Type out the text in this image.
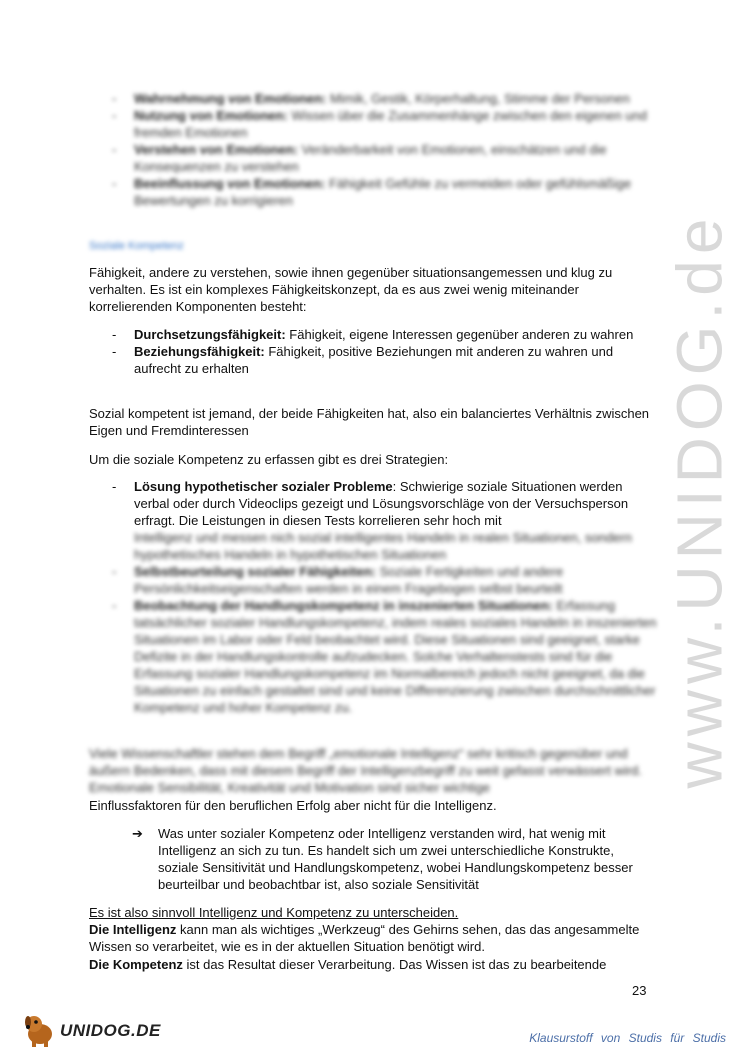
www.UNIDOG.de
- Wahrnehmung von Emotionen: Mimik, Gestik, Körperhaltung, Stimme der Personen
- Nutzung von Emotionen: Wissen über die Zusammenhänge zwischen den eigenen und fremden Emotionen
- Verstehen von Emotionen: Veränderbarkeit von Emotionen, einschätzen und die Konsequenzen zu verstehen
- Beeinflussung von Emotionen: Fähigkeit Gefühle zu vermeiden oder gefühlsmäßige Bewertungen zu korrigieren

Soziale Kompetenz

Fähigkeit, andere zu verstehen, sowie ihnen gegenüber situationsangemessen und klug zu verhalten. Es ist ein komplexes Fähigkeitskonzept, da es aus zwei wenig miteinander korrelierenden Komponenten besteht:

- Durchsetzungsfähigkeit: Fähigkeit, eigene Interessen gegenüber anderen zu wahren
- Beziehungsfähigkeit: Fähigkeit, positive Beziehungen mit anderen zu wahren und aufrecht zu erhalten

Sozial kompetent ist jemand, der beide Fähigkeiten hat, also ein balanciertes Verhältnis zwischen Eigen und Fremdinteressen

Um die soziale Kompetenz zu erfassen gibt es drei Strategien:

- Lösung hypothetischer sozialer Probleme: Schwierige soziale Situationen werden verbal oder durch Videoclips gezeigt und Lösungsvorschläge von der Versuchsperson erfragt. Die Leistungen in diesen Tests korrelieren sehr hoch mit
Intelligenz und messen nich sozial intelligentes Handeln in realen Situationen, sondern hypothetisches Handeln in hypothetischen Situationen
- Selbstbeurteilung sozialer Fähigkeiten: Soziale Fertigkeiten und andere Persönlichkeitseigenschaften werden in einem Fragebogen selbst beurteilt
- Beobachtung der Handlungskompetenz in inszenierten Situationen: Erfassung tatsächlicher sozialer Handlungskompetenz, indem reales soziales Handeln in inszenierten Situationen im Labor oder Feld beobachtet wird. Diese Situationen sind geeignet, starke Defizite in der Handlungskontrolle aufzudecken. Solche Verhaltenstests sind für die Erfassung sozialer Handlungskompetenz im Normalbereich jedoch nicht geeignet, da die Situationen zu einfach gestaltet sind und keine Differenzierung zwischen durchschnittlicher Kompetenz und hoher Kompetenz zu.

Viele Wissenschaftler stehen dem Begriff „emotionale Intelligenz“ sehr kritisch gegenüber und äußern Bedenken, dass mit diesem Begriff der Intelligenzbegriff zu weit gefasst verwässert wird. Emotionale Sensibilität, Kreativität und Motivation sind sicher wichtige

Einflussfaktoren für den beruflichen Erfolg aber nicht für die Intelligenz.

➔ Was unter sozialer Kompetenz oder Intelligenz verstanden wird, hat wenig mit Intelligenz an sich zu tun. Es handelt sich um zwei unterschiedliche Konstrukte, soziale Sensitivität und Handlungskompetenz, wobei Handlungskompetenz besser beurteilbar und beobachtbar ist, also soziale Sensitivität

Es ist also sinnvoll Intelligenz und Kompetenz zu unterscheiden.

Die Intelligenz kann man als wichtiges „Werkzeug“ des Gehirns sehen, das das angesammelte Wissen so verarbeitet, wie es in der aktuellen Situation benötigt wird.

Die Kompetenz ist das Resultat dieser Verarbeitung. Das Wissen ist das zu bearbeitende

23
UNIDOG.DE	Klausurstoff von Studis für Studis
